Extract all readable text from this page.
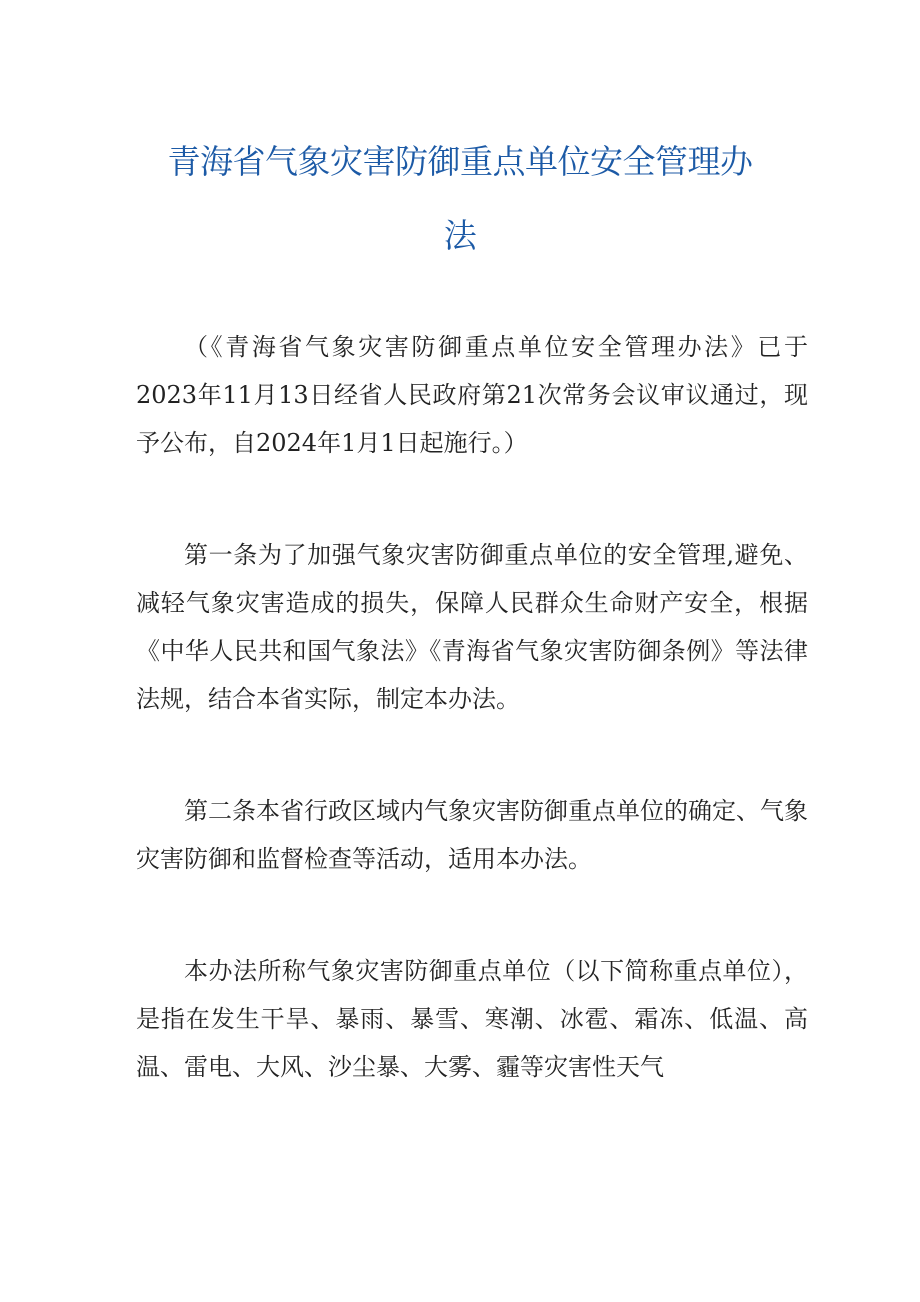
青海省气象灾害防御重点单位安全管理办
法

（《青海省气象灾害防御重点单位安全管理办法》已于2023年11月13日经省人民政府第21次常务会议审议通过，现予公布，自2024年1月1日起施行。）

第一条为了加强气象灾害防御重点单位的安全管理,避免、减轻气象灾害造成的损失，保障人民群众生命财产安全，根据《中华人民共和国气象法》《青海省气象灾害防御条例》等法律法规，结合本省实际，制定本办法。

第二条本省行政区域内气象灾害防御重点单位的确定、气象灾害防御和监督检查等活动，适用本办法。

本办法所称气象灾害防御重点单位（以下简称重点单位），是指在发生干旱、暴雨、暴雪、寒潮、冰雹、霜冻、低温、高温、雷电、大风、沙尘暴、大雾、霾等灾害性天气
